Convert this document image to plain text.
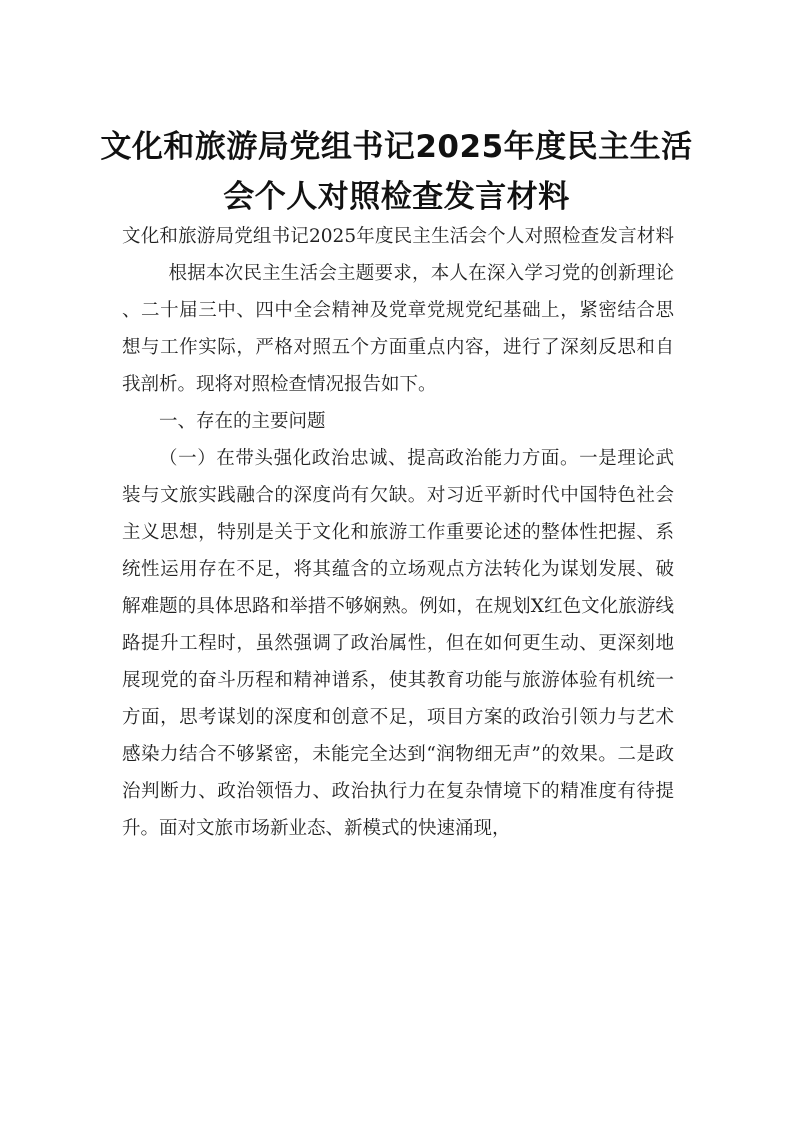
文化和旅游局党组书记2025年度民主生活
会个人对照检查发言材料

文化和旅游局党组书记2025年度民主生活会个人对照检查发言材料根据本次民主生活会主题要求，本人在深入学习党的创新理论、二十届三中、四中全会精神及党章党规党纪基础上，紧密结合思想与工作实际，严格对照五个方面重点内容，进行了深刻反思和自我剖析。现将对照检查情况报告如下。

一、存在的主要问题

（一）在带头强化政治忠诚、提高政治能力方面。一是理论武装与文旅实践融合的深度尚有欠缺。对习近平新时代中国特色社会主义思想，特别是关于文化和旅游工作重要论述的整体性把握、系统性运用存在不足，将其蕴含的立场观点方法转化为谋划发展、破解难题的具体思路和举措不够娴熟。例如，在规划X红色文化旅游线路提升工程时，虽然强调了政治属性，但在如何更生动、更深刻地展现党的奋斗历程和精神谱系，使其教育功能与旅游体验有机统一方面，思考谋划的深度和创意不足，项目方案的政治引领力与艺术感染力结合不够紧密，未能完全达到“润物细无声”的效果。二是政治判断力、政治领悟力、政治执行力在复杂情境下的精准度有待提升。面对文旅市场新业态、新模式的快速涌现，
